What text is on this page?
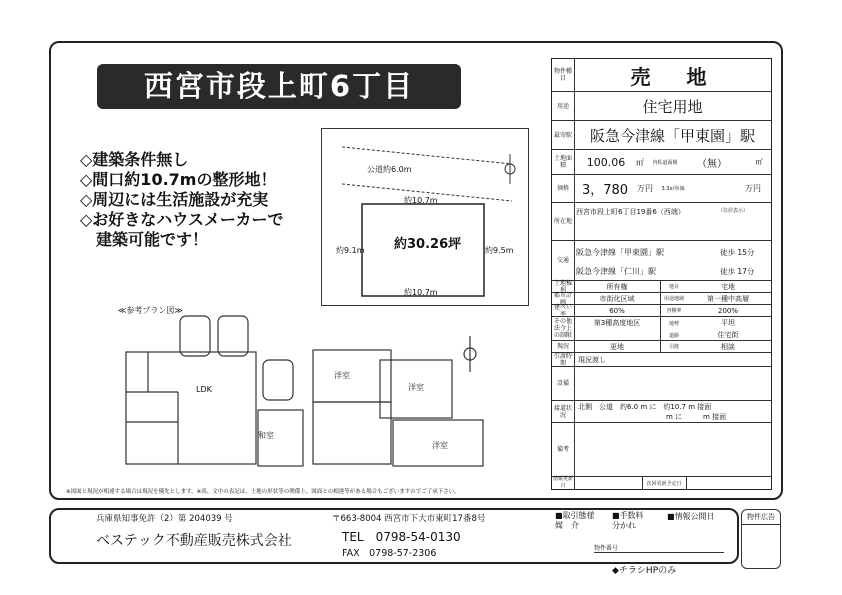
西宮市段上町6丁目
◇建築条件無し
◇間口約10.7mの整形地！
◇周辺には生活施設が充実
◇お好きなハウスメーカーで
　建築可能です！
公道約6.0m
約10.7m
約10.7m
約9.1m	約9.5m
約30.26坪
≪参考プラン図≫
LDK
和室
洋室
洋室
洋室
※図面と現況が相違する場合は現況を優先とします。※尚、文中の表記は、土地の形状等の関係上、図面との相違等がある場合もございますのでご了承下さい。
物件種目	売　地
用途	住宅用地
最寄駅	阪急今津線「甲東園」駅
土地面積	100.06	㎡	内私道面積	（無）	㎡
価格 3，780	万円	3.3㎡単価	万円
所在地
西宮市段上町6丁目19番6（西端）	（住居表示）
交通
阪急今津線「甲東園」駅	徒歩 15分
阪急今津線「仁川」駅	徒歩 17分
土地権利	所有権	地目	宅地
都市計画	市街化区域	用途地域	第一種中高層
建ぺい率	60%	容積率	200%
その他法令上の制限
第3種高度地区	地勢	平坦
道路	住宅街
現況	更地	引渡	相談
引渡時期	現況渡し
設備
接道状況
北側　公道　約6.0 m に　約10.7 m 接面
m に　　　m 接面
備考
情報更新日	次回更新予定日
兵庫県知事免許（2）第 204039 号	〒663-8004 西宮市下大市東町17番8号
ベステック不動産販売株式会社	TEL　0798-54-0130
FAX　0798-57-2306
■取引態様
媒　介
■手数料
分かれ
■情報公開日
物件番号
◆チラシHPのみ
物件広告
